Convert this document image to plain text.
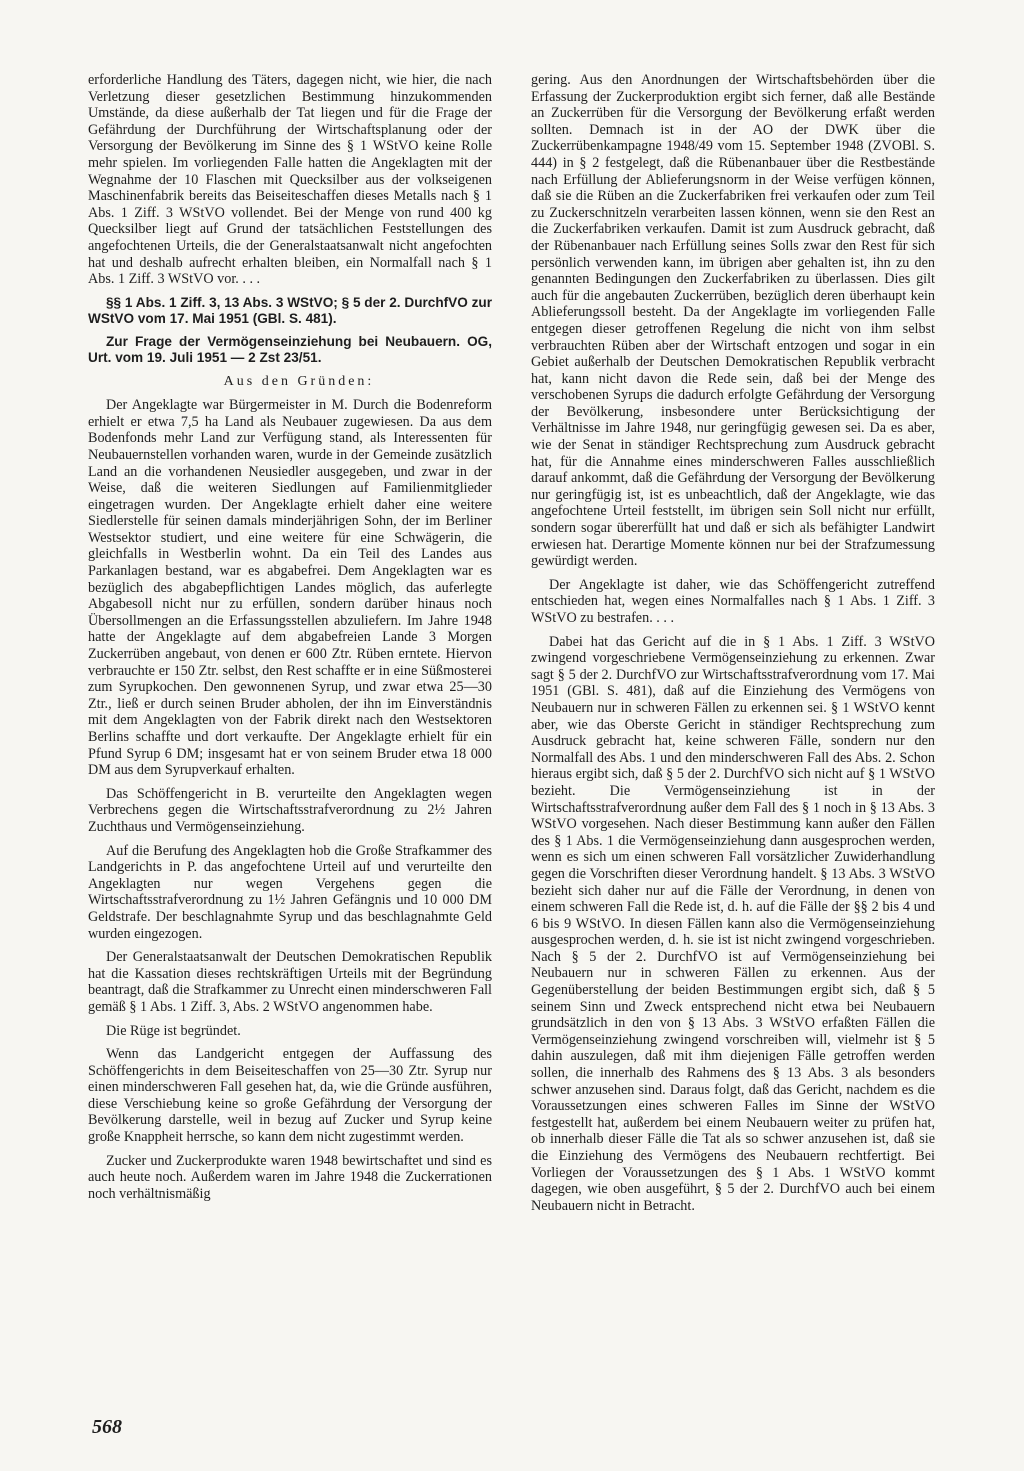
erforderliche Handlung des Täters, dagegen nicht, wie hier, die nach Verletzung dieser gesetzlichen Bestimmung hinzukommenden Umstände, da diese außerhalb der Tat liegen und für die Frage der Gefährdung der Durchführung der Wirtschaftsplanung oder der Versorgung der Bevölkerung im Sinne des § 1 WStVO keine Rolle mehr spielen. Im vorliegenden Falle hatten die Angeklagten mit der Wegnahme der 10 Flaschen mit Quecksilber aus der volkseigenen Maschinenfabrik bereits das Beiseiteschaffen dieses Metalls nach § 1 Abs. 1 Ziff. 3 WStVO vollendet. Bei der Menge von rund 400 kg Quecksilber liegt auf Grund der tatsächlichen Feststellungen des angefochtenen Urteils, die der Generalstaatsanwalt nicht angefochten hat und deshalb aufrecht erhalten bleiben, ein Normalfall nach § 1 Abs. 1 Ziff. 3 WStVO vor. . . .

§§ 1 Abs. 1 Ziff. 3, 13 Abs. 3 WStVO; § 5 der 2. DurchfVO zur WStVO vom 17. Mai 1951 (GBl. S. 481).

Zur Frage der Vermögenseinziehung bei Neubauern. OG, Urt. vom 19. Juli 1951 — 2 Zst 23/51.

Aus den Gründen:

Der Angeklagte war Bürgermeister in M. Durch die Bodenreform erhielt er etwa 7,5 ha Land als Neubauer zugewiesen. Da aus dem Bodenfonds mehr Land zur Verfügung stand, als Interessenten für Neubauernstellen vorhanden waren, wurde in der Gemeinde zusätzlich Land an die vorhandenen Neusiedler ausgegeben, und zwar in der Weise, daß die weiteren Siedlungen auf Familienmitglieder eingetragen wurden. Der Angeklagte erhielt daher eine weitere Siedlerstelle für seinen damals minderjährigen Sohn, der im Berliner Westsektor studiert, und eine weitere für eine Schwägerin, die gleichfalls in Westberlin wohnt. Da ein Teil des Landes aus Parkanlagen bestand, war es abgabefrei. Dem Angeklagten war es bezüglich des abgabepflichtigen Landes möglich, das auferlegte Abgabesoll nicht nur zu erfüllen, sondern darüber hinaus noch Übersollmengen an die Erfassungsstellen abzuliefern. Im Jahre 1948 hatte der Angeklagte auf dem abgabefreien Lande 3 Morgen Zuckerrüben angebaut, von denen er 600 Ztr. Rüben erntete. Hiervon verbrauchte er 150 Ztr. selbst, den Rest schaffte er in eine Süßmosterei zum Syrupkochen. Den gewonnenen Syrup, und zwar etwa 25—30 Ztr., ließ er durch seinen Bruder abholen, der ihn im Einverständnis mit dem Angeklagten von der Fabrik direkt nach den Westsektoren Berlins schaffte und dort verkaufte. Der Angeklagte erhielt für ein Pfund Syrup 6 DM; insgesamt hat er von seinem Bruder etwa 18 000 DM aus dem Syrupverkauf erhalten.

Das Schöffengericht in B. verurteilte den Angeklagten wegen Verbrechens gegen die Wirtschaftsstrafverordnung zu 2½ Jahren Zuchthaus und Vermögenseinziehung.

Auf die Berufung des Angeklagten hob die Große Strafkammer des Landgerichts in P. das angefochtene Urteil auf und verurteilte den Angeklagten nur wegen Vergehens gegen die Wirtschaftsstrafverordnung zu 1½ Jahren Gefängnis und 10 000 DM Geldstrafe. Der beschlagnahmte Syrup und das beschlagnahmte Geld wurden eingezogen.

Der Generalstaatsanwalt der Deutschen Demokratischen Republik hat die Kassation dieses rechtskräftigen Urteils mit der Begründung beantragt, daß die Strafkammer zu Unrecht einen minderschweren Fall gemäß § 1 Abs. 1 Ziff. 3, Abs. 2 WStVO angenommen habe.

Die Rüge ist begründet.

Wenn das Landgericht entgegen der Auffassung des Schöffengerichts in dem Beiseiteschaffen von 25—30 Ztr. Syrup nur einen minderschweren Fall gesehen hat, da, wie die Gründe ausführen, diese Verschiebung keine so große Gefährdung der Versorgung der Bevölkerung darstelle, weil in bezug auf Zucker und Syrup keine große Knappheit herrsche, so kann dem nicht zugestimmt werden.

Zucker und Zuckerprodukte waren 1948 bewirtschaftet und sind es auch heute noch. Außerdem waren im Jahre 1948 die Zuckerrationen noch verhältnismäßig

gering. Aus den Anordnungen der Wirtschaftsbehörden über die Erfassung der Zuckerproduktion ergibt sich ferner, daß alle Bestände an Zuckerrüben für die Versorgung der Bevölkerung erfaßt werden sollten. Demnach ist in der AO der DWK über die Zuckerrübenkampagne 1948/49 vom 15. September 1948 (ZVOBl. S. 444) in § 2 festgelegt, daß die Rübenanbauer über die Restbestände nach Erfüllung der Ablieferungsnorm in der Weise verfügen können, daß sie die Rüben an die Zuckerfabriken frei verkaufen oder zum Teil zu Zuckerschnitzeln verarbeiten lassen können, wenn sie den Rest an die Zuckerfabriken verkaufen. Damit ist zum Ausdruck gebracht, daß der Rübenanbauer nach Erfüllung seines Solls zwar den Rest für sich persönlich verwenden kann, im übrigen aber gehalten ist, ihn zu den genannten Bedingungen den Zuckerfabriken zu überlassen. Dies gilt auch für die angebauten Zuckerrüben, bezüglich deren überhaupt kein Ablieferungssoll besteht. Da der Angeklagte im vorliegenden Falle entgegen dieser getroffenen Regelung die nicht von ihm selbst verbrauchten Rüben aber der Wirtschaft entzogen und sogar in ein Gebiet außerhalb der Deutschen Demokratischen Republik verbracht hat, kann nicht davon die Rede sein, daß bei der Menge des verschobenen Syrups die dadurch erfolgte Gefährdung der Versorgung der Bevölkerung, insbesondere unter Berücksichtigung der Verhältnisse im Jahre 1948, nur geringfügig gewesen sei. Da es aber, wie der Senat in ständiger Rechtsprechung zum Ausdruck gebracht hat, für die Annahme eines minderschweren Falles ausschließlich darauf ankommt, daß die Gefährdung der Versorgung der Bevölkerung nur geringfügig ist, ist es unbeachtlich, daß der Angeklagte, wie das angefochtene Urteil feststellt, im übrigen sein Soll nicht nur erfüllt, sondern sogar übererfüllt hat und daß er sich als befähigter Landwirt erwiesen hat. Derartige Momente können nur bei der Strafzumessung gewürdigt werden.

Der Angeklagte ist daher, wie das Schöffengericht zutreffend entschieden hat, wegen eines Normalfalles nach § 1 Abs. 1 Ziff. 3 WStVO zu bestrafen. . . .

Dabei hat das Gericht auf die in § 1 Abs. 1 Ziff. 3 WStVO zwingend vorgeschriebene Vermögenseinziehung zu erkennen. Zwar sagt § 5 der 2. DurchfVO zur Wirtschaftsstrafverordnung vom 17. Mai 1951 (GBl. S. 481), daß auf die Einziehung des Vermögens von Neubauern nur in schweren Fällen zu erkennen sei. § 1 WStVO kennt aber, wie das Oberste Gericht in ständiger Rechtsprechung zum Ausdruck gebracht hat, keine schweren Fälle, sondern nur den Normalfall des Abs. 1 und den minderschweren Fall des Abs. 2. Schon hieraus ergibt sich, daß § 5 der 2. DurchfVO sich nicht auf § 1 WStVO bezieht. Die Vermögenseinziehung ist in der Wirtschaftsstrafverordnung außer dem Fall des § 1 noch in § 13 Abs. 3 WStVO vorgesehen. Nach dieser Bestimmung kann außer den Fällen des § 1 Abs. 1 die Vermögenseinziehung dann ausgesprochen werden, wenn es sich um einen schweren Fall vorsätzlicher Zuwiderhandlung gegen die Vorschriften dieser Verordnung handelt. § 13 Abs. 3 WStVO bezieht sich daher nur auf die Fälle der Verordnung, in denen von einem schweren Fall die Rede ist, d. h. auf die Fälle der §§ 2 bis 4 und 6 bis 9 WStVO. In diesen Fällen kann also die Vermögenseinziehung ausgesprochen werden, d. h. sie ist ist nicht zwingend vorgeschrieben. Nach § 5 der 2. DurchfVO ist auf Vermögenseinziehung bei Neubauern nur in schweren Fällen zu erkennen. Aus der Gegenüberstellung der beiden Bestimmungen ergibt sich, daß § 5 seinem Sinn und Zweck entsprechend nicht etwa bei Neubauern grundsätzlich in den von § 13 Abs. 3 WStVO erfaßten Fällen die Vermögenseinziehung zwingend vorschreiben will, vielmehr ist § 5 dahin auszulegen, daß mit ihm diejenigen Fälle getroffen werden sollen, die innerhalb des Rahmens des § 13 Abs. 3 als besonders schwer anzusehen sind. Daraus folgt, daß das Gericht, nachdem es die Voraussetzungen eines schweren Falles im Sinne der WStVO festgestellt hat, außerdem bei einem Neubauern weiter zu prüfen hat, ob innerhalb dieser Fälle die Tat als so schwer anzusehen ist, daß sie die Einziehung des Vermögens des Neubauern rechtfertigt. Bei Vorliegen der Voraussetzungen des § 1 Abs. 1 WStVO kommt dagegen, wie oben ausgeführt, § 5 der 2. DurchfVO auch bei einem Neubauern nicht in Betracht.

568
